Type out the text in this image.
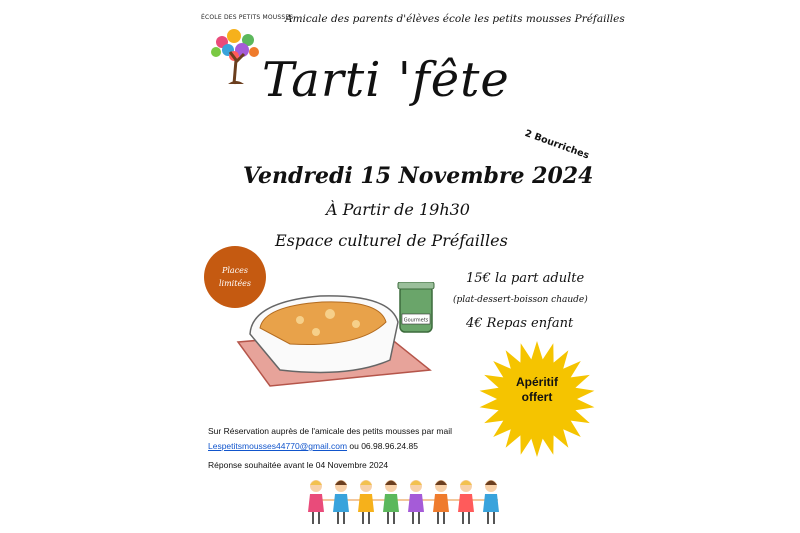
ÉCOLE DES PETITS MOUSSES
Amicale des parents d'élèves école les petits mousses Préfailles
Tarti 'fête
2 Bourriches
Vendredi 15 Novembre 2024
À Partir de 19h30
Espace culturel de Préfailles
Places
limitées
Gourmets
15€ la part adulte
(plat-dessert-boisson chaude)
4€ Repas enfant
Apéritif
offert
Sur Réservation auprès de l'amicale des petits mousses par mail
Lespetitsmousses44770@gmail.com ou 06.98.96.24.85
Réponse souhaitée avant le 04 Novembre 2024
